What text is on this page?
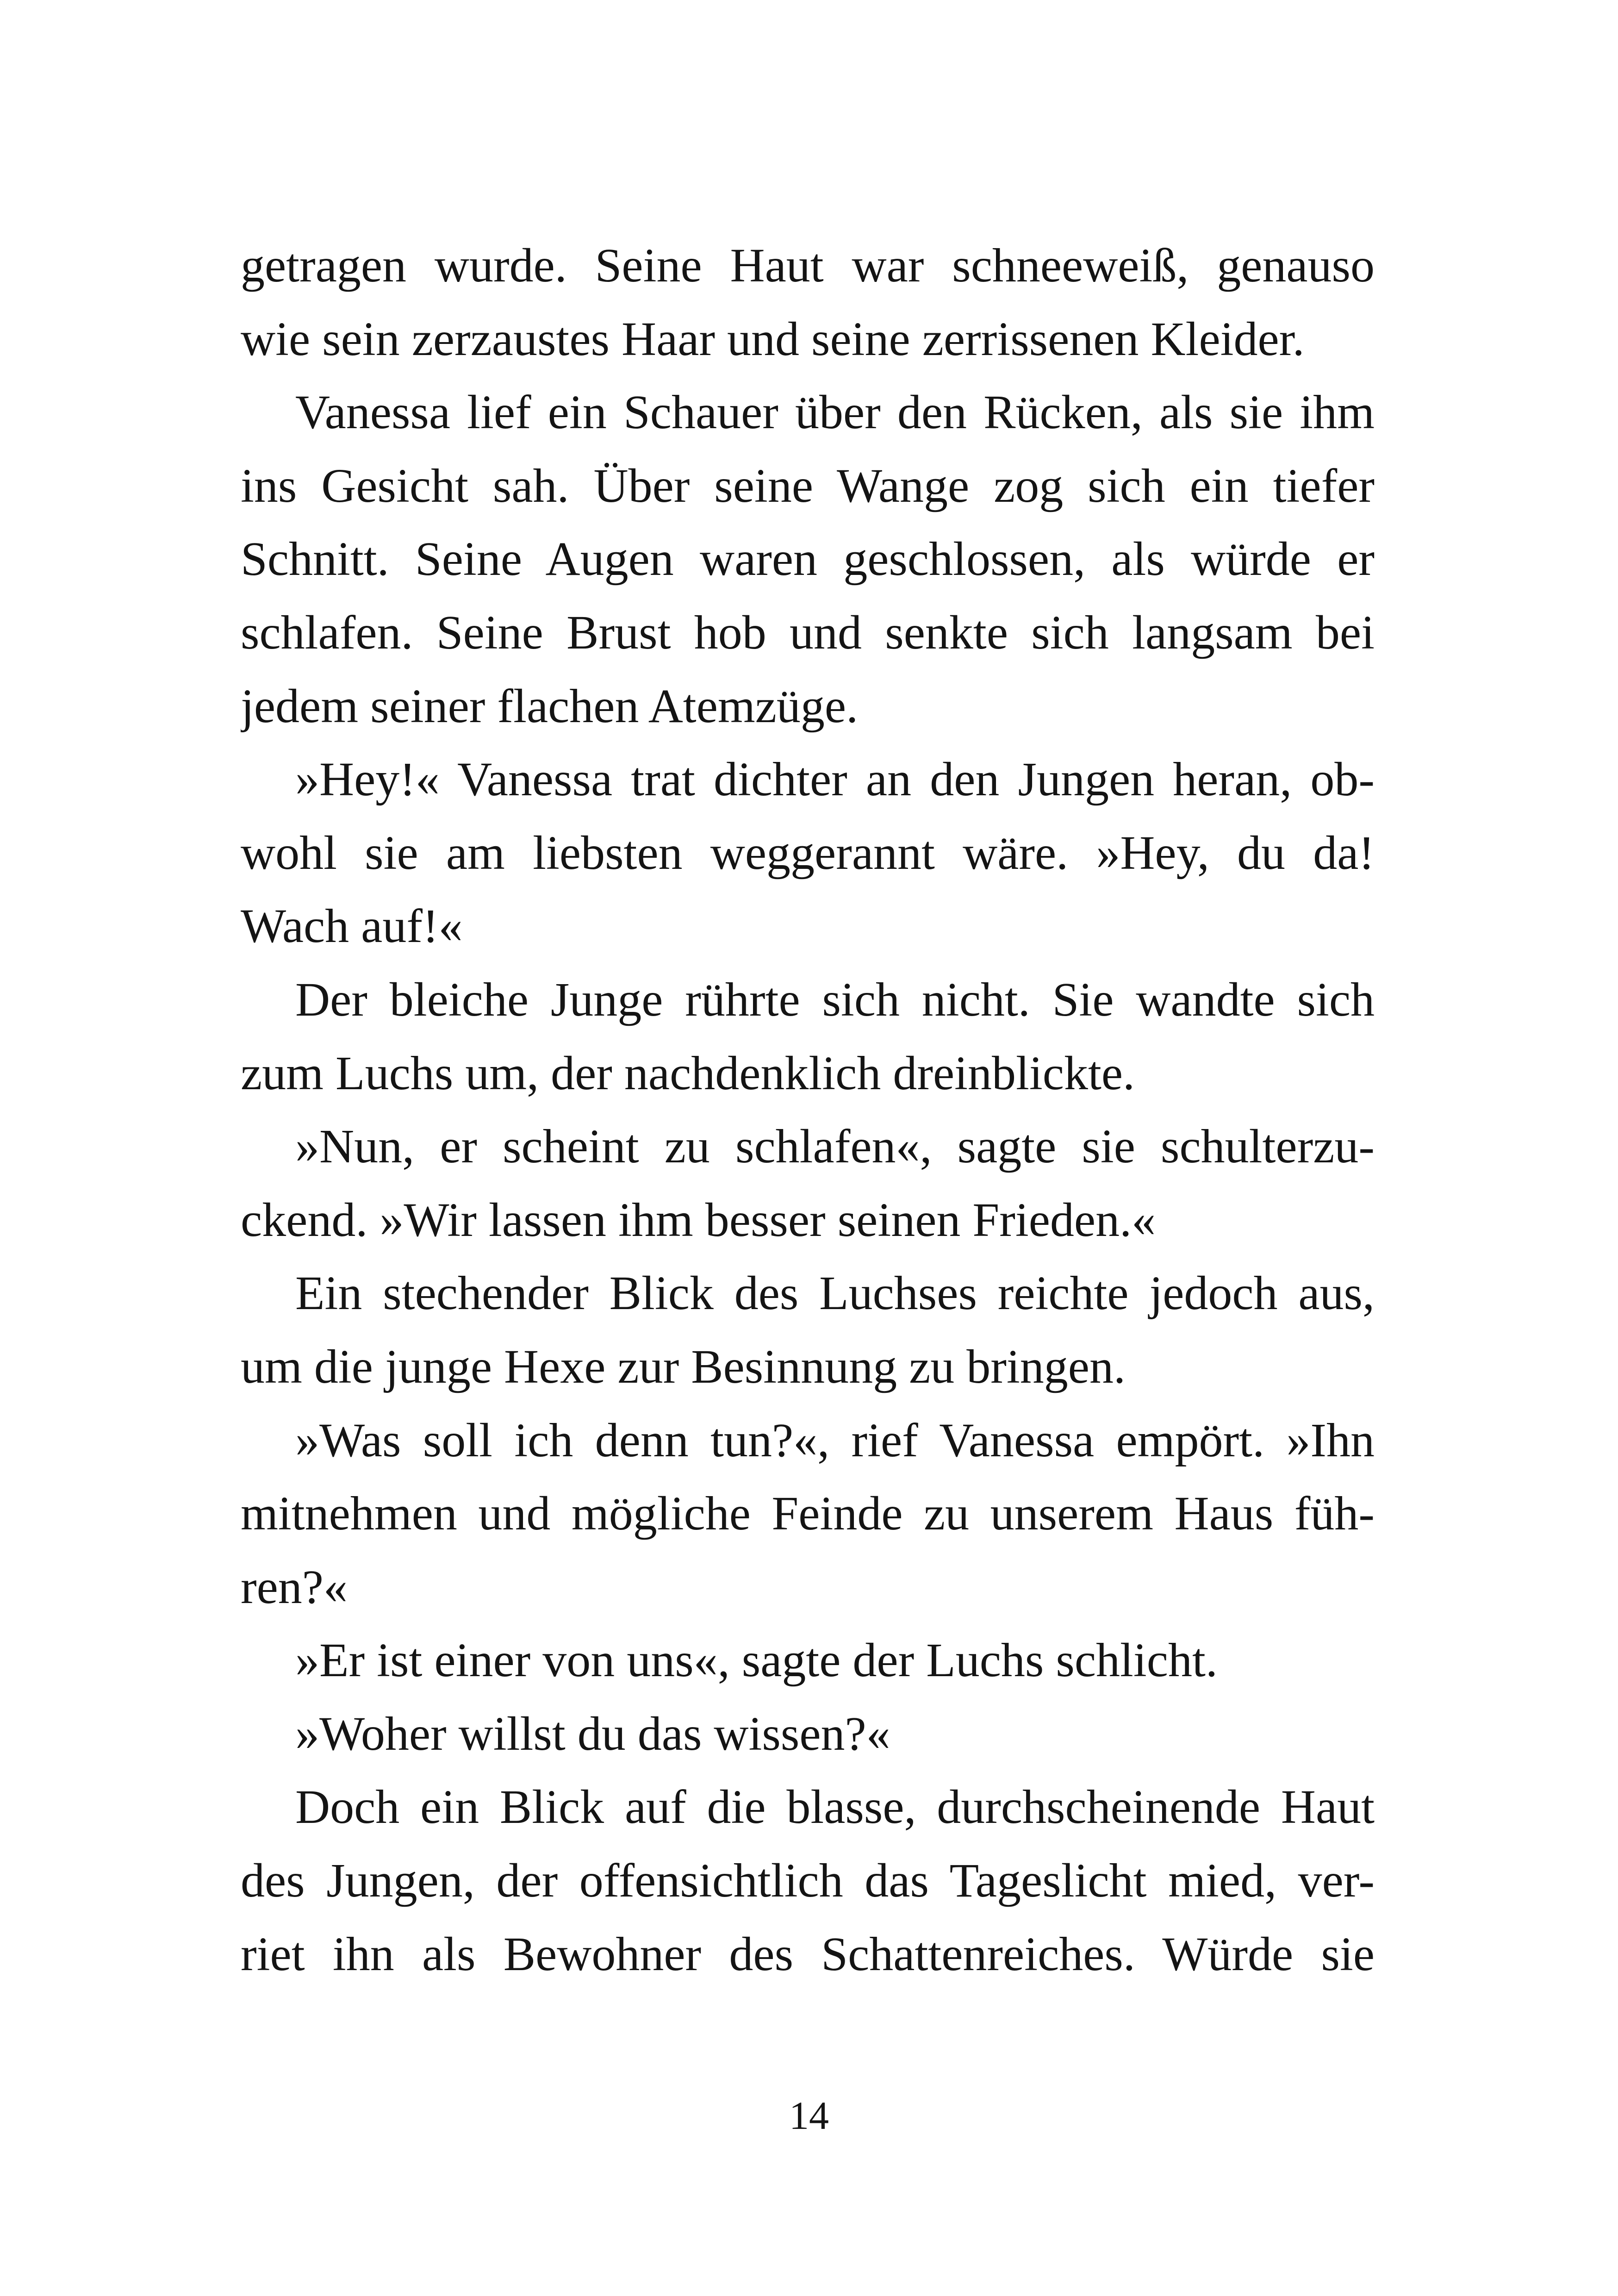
getragen wurde. Seine Haut war schneeweiß, genauso
wie sein zerzaustes Haar und seine zerrissenen Kleider.
Vanessa lief ein Schauer über den Rücken, als sie ihm
ins Gesicht sah. Über seine Wange zog sich ein tiefer
Schnitt. Seine Augen waren geschlossen, als würde er
schlafen. Seine Brust hob und senkte sich langsam bei
jedem seiner flachen Atemzüge.
»Hey!« Vanessa trat dichter an den Jungen heran, ob-
wohl sie am liebsten weggerannt wäre. »Hey, du da!
Wach auf!«
Der bleiche Junge rührte sich nicht. Sie wandte sich
zum Luchs um, der nachdenklich dreinblickte.
»Nun, er scheint zu schlafen«, sagte sie schulterzu-
ckend. »Wir lassen ihm besser seinen Frieden.«
Ein stechender Blick des Luchses reichte jedoch aus,
um die junge Hexe zur Besinnung zu bringen.
»Was soll ich denn tun?«, rief Vanessa empört. »Ihn
mitnehmen und mögliche Feinde zu unserem Haus füh-
ren?«
»Er ist einer von uns«, sagte der Luchs schlicht.
»Woher willst du das wissen?«
Doch ein Blick auf die blasse, durchscheinende Haut
des Jungen, der offensichtlich das Tageslicht mied, ver-
riet ihn als Bewohner des Schattenreiches. Würde sie
14
